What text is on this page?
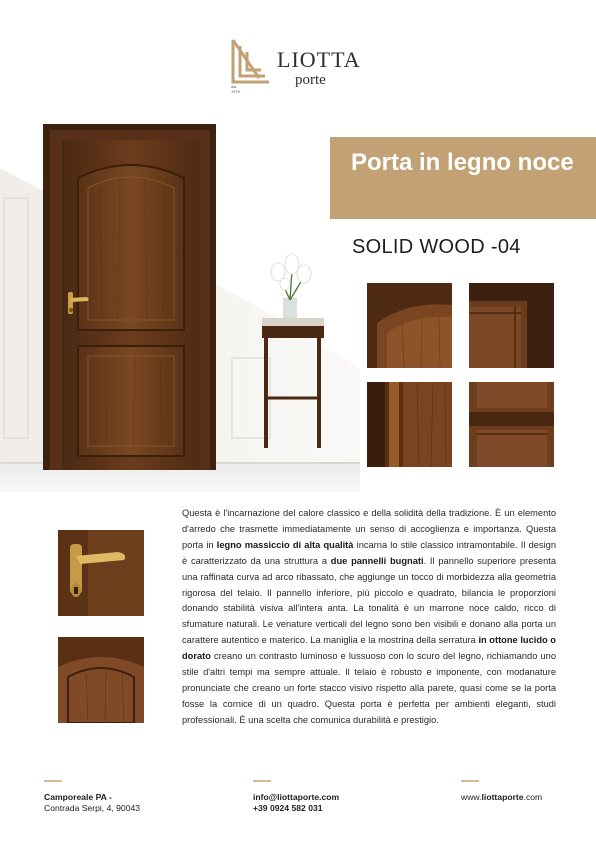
dal
1979
LIOTTA
porte
Porta in legno noce
SOLID WOOD -04
Questa è l'incarnazione del calore classico e della solidità della tradizione. È un elemento d'arredo che trasmette immediatamente un senso di accoglienza e importanza. Questa porta in legno massiccio di alta qualità incarna lo stile classico intramontabile. Il design è caratterizzato da una struttura a due pannelli bugnati. Il pannello superiore presenta una raffinata curva ad arco ribassato, che aggiunge un tocco di morbidezza alla geometria rigorosa del telaio. Il pannello inferiore, più piccolo e quadrato, bilancia le proporzioni donando stabilità visiva all'intera anta. La tonalità è un marrone noce caldo, ricco di sfumature naturali. Le venature verticali del legno sono ben visibili e donano alla porta un carattere autentico e materico. La maniglia e la mostrina della serratura in ottone lucido o dorato creano un contrasto luminoso e lussuoso con lo scuro del legno, richiamando uno stile d'altri tempi ma sempre attuale. Il telaio è robusto e imponente, con modanature pronunciate che creano un forte stacco visivo rispetto alla parete, quasi come se la porta fosse la cornice di un quadro. Questa porta è perfetta per ambienti eleganti, studi professionali. È una scelta che comunica durabilità e prestigio.
Camporeale PA -
Contrada Serpi, 4, 90043
info@liottaporte.com
+39 0924 582 031
www.liottaporte.com
